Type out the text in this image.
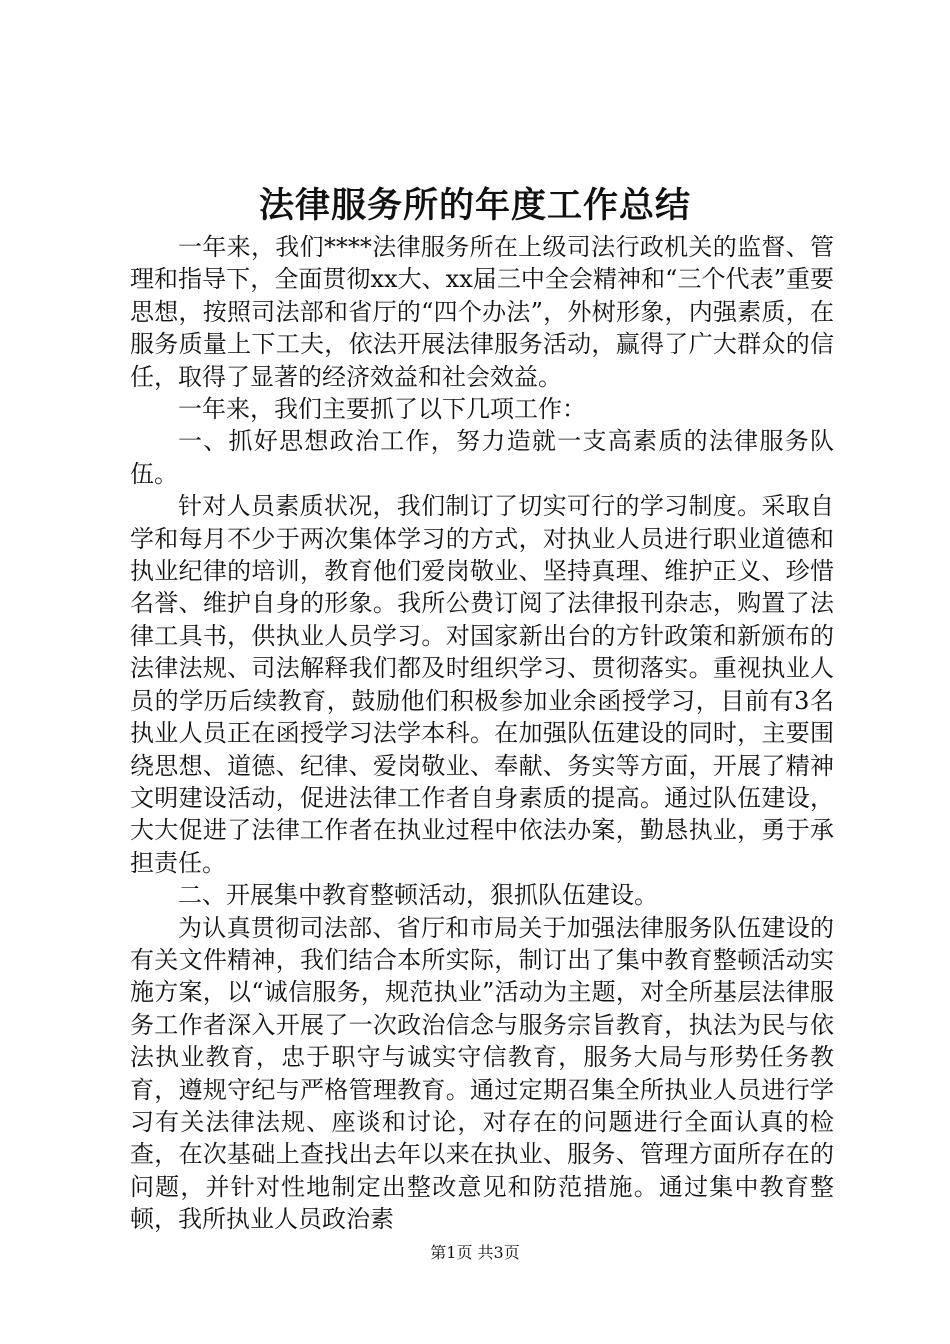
法律服务所的年度工作总结

一年来，我们****法律服务所在上级司法行政机关的监督、管理和指导下，全面贯彻xx大、xx届三中全会精神和“三个代表”重要思想，按照司法部和省厅的“四个办法”，外树形象，内强素质，在服务质量上下工夫，依法开展法律服务活动，赢得了广大群众的信任，取得了显著的经济效益和社会效益。

一年来，我们主要抓了以下几项工作：

一、抓好思想政治工作，努力造就一支高素质的法律服务队伍。

针对人员素质状况，我们制订了切实可行的学习制度。采取自学和每月不少于两次集体学习的方式，对执业人员进行职业道德和执业纪律的培训，教育他们爱岗敬业、坚持真理、维护正义、珍惜名誉、维护自身的形象。我所公费订阅了法律报刊杂志，购置了法律工具书，供执业人员学习。对国家新出台的方针政策和新颁布的法律法规、司法解释我们都及时组织学习、贯彻落实。重视执业人员的学历后续教育，鼓励他们积极参加业余函授学习，目前有3名执业人员正在函授学习法学本科。在加强队伍建设的同时，主要围绕思想、道德、纪律、爱岗敬业、奉献、务实等方面，开展了精神文明建设活动，促进法律工作者自身素质的提高。通过队伍建设，大大促进了法律工作者在执业过程中依法办案，勤恳执业，勇于承担责任。

二、开展集中教育整顿活动，狠抓队伍建设。

为认真贯彻司法部、省厅和市局关于加强法律服务队伍建设的有关文件精神，我们结合本所实际，制订出了集中教育整顿活动实施方案，以“诚信服务，规范执业”活动为主题，对全所基层法律服务工作者深入开展了一次政治信念与服务宗旨教育，执法为民与依法执业教育，忠于职守与诚实守信教育，服务大局与形势任务教育，遵规守纪与严格管理教育。通过定期召集全所执业人员进行学习有关法律法规、座谈和讨论，对存在的问题进行全面认真的检查，在次基础上查找出去年以来在执业、服务、管理方面所存在的问题，并针对性地制定出整改意见和防范措施。通过集中教育整顿，我所执业人员政治素

第1页 共3页
